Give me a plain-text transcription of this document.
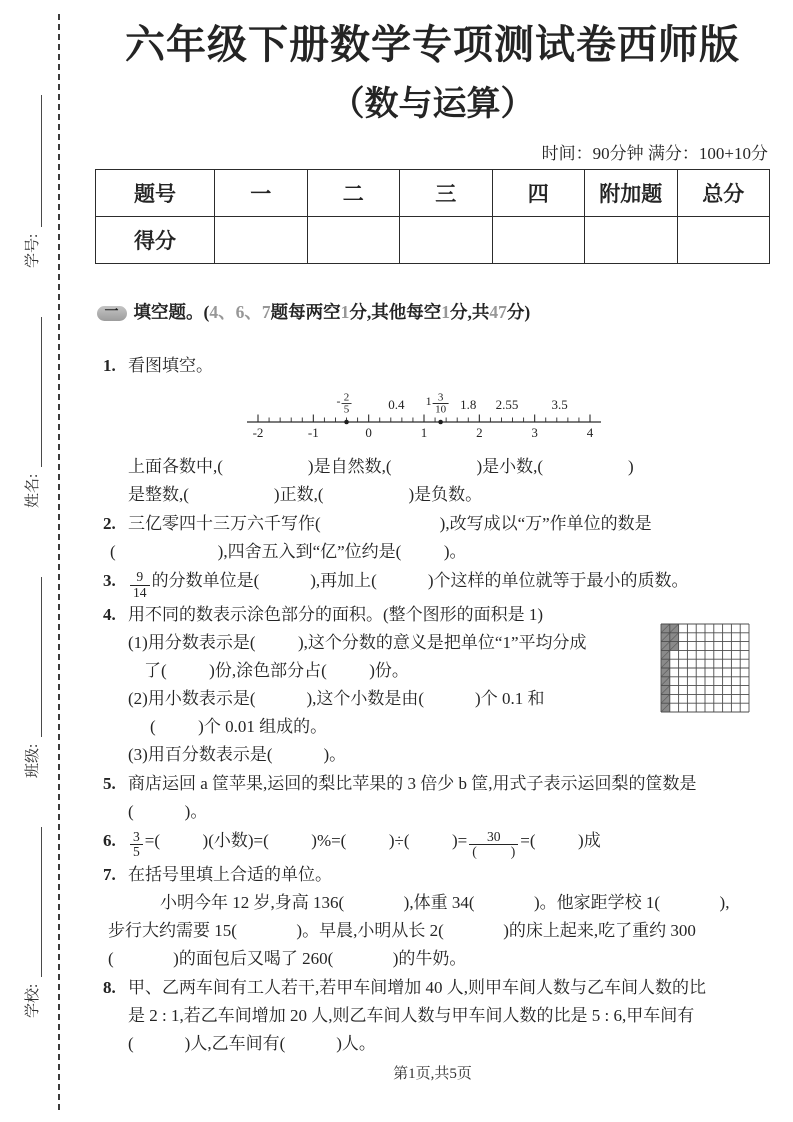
学号:
姓名:
班级:
学校:
六年级下册数学专项测试卷西师版
（数与运算）
时间：90分钟 满分：100+10分
题号	一	二	三	四	附加题	总分
得分						

一 填空题。(4、6、7题每两空1分,其他每空1分,共47分)

1. 看图填空。
-2	-1	0	1	2	3	4
- 2
5	0.4 1 3
10 1.8 2.55	3.5
上面各数中,(                    )是自然数,(                    )是小数,(                    )
是整数,(                    )正数,(                    )是负数。
2. 三亿零四十三万六千写作(                            ),改写成以“万”作单位的数是
(                        ),四舍五入到“亿”位约是(          )。
3. $\frac{9}{14}$ 的分数单位是(            ),再加上(            )个这样的单位就等于最小的质数。
4. 用不同的数表示涂色部分的面积。(整个图形的面积是 1)
(1)用分数表示是(          ),这个分数的意义是把单位“1”平均分成
了(          )份,涂色部分占(          )份。
(2)用小数表示是(            ),这个小数是由(            )个 0.1 和
(          )个 0.01 组成的。
(3)用百分数表示是(            )。
5. 商店运回 a 筐苹果,运回的梨比苹果的 3 倍少 b 筐,用式子表示运回梨的筐数是
(            )。
6. $\frac{3}{5}$ =(          )(小数)=(          )%=(          )÷(          )= $\frac{30}{( )}$ =(          )成
7. 在括号里填上合适的单位。
小明今年 12 岁,身高 136(              ),体重 34(              )。他家距学校 1(              ),
步行大约需要 15(              )。早晨,小明从长 2(              )的床上起来,吃了重约 300
(              )的面包后又喝了 260(              )的牛奶。
8. 甲、乙两车间有工人若干,若甲车间增加 40 人,则甲车间人数与乙车间人数的比
是 2 : 1,若乙车间增加 20 人,则乙车间人数与甲车间人数的比是 5 : 6,甲车间有
(            )人,乙车间有(            )人。
第1页,共5页
